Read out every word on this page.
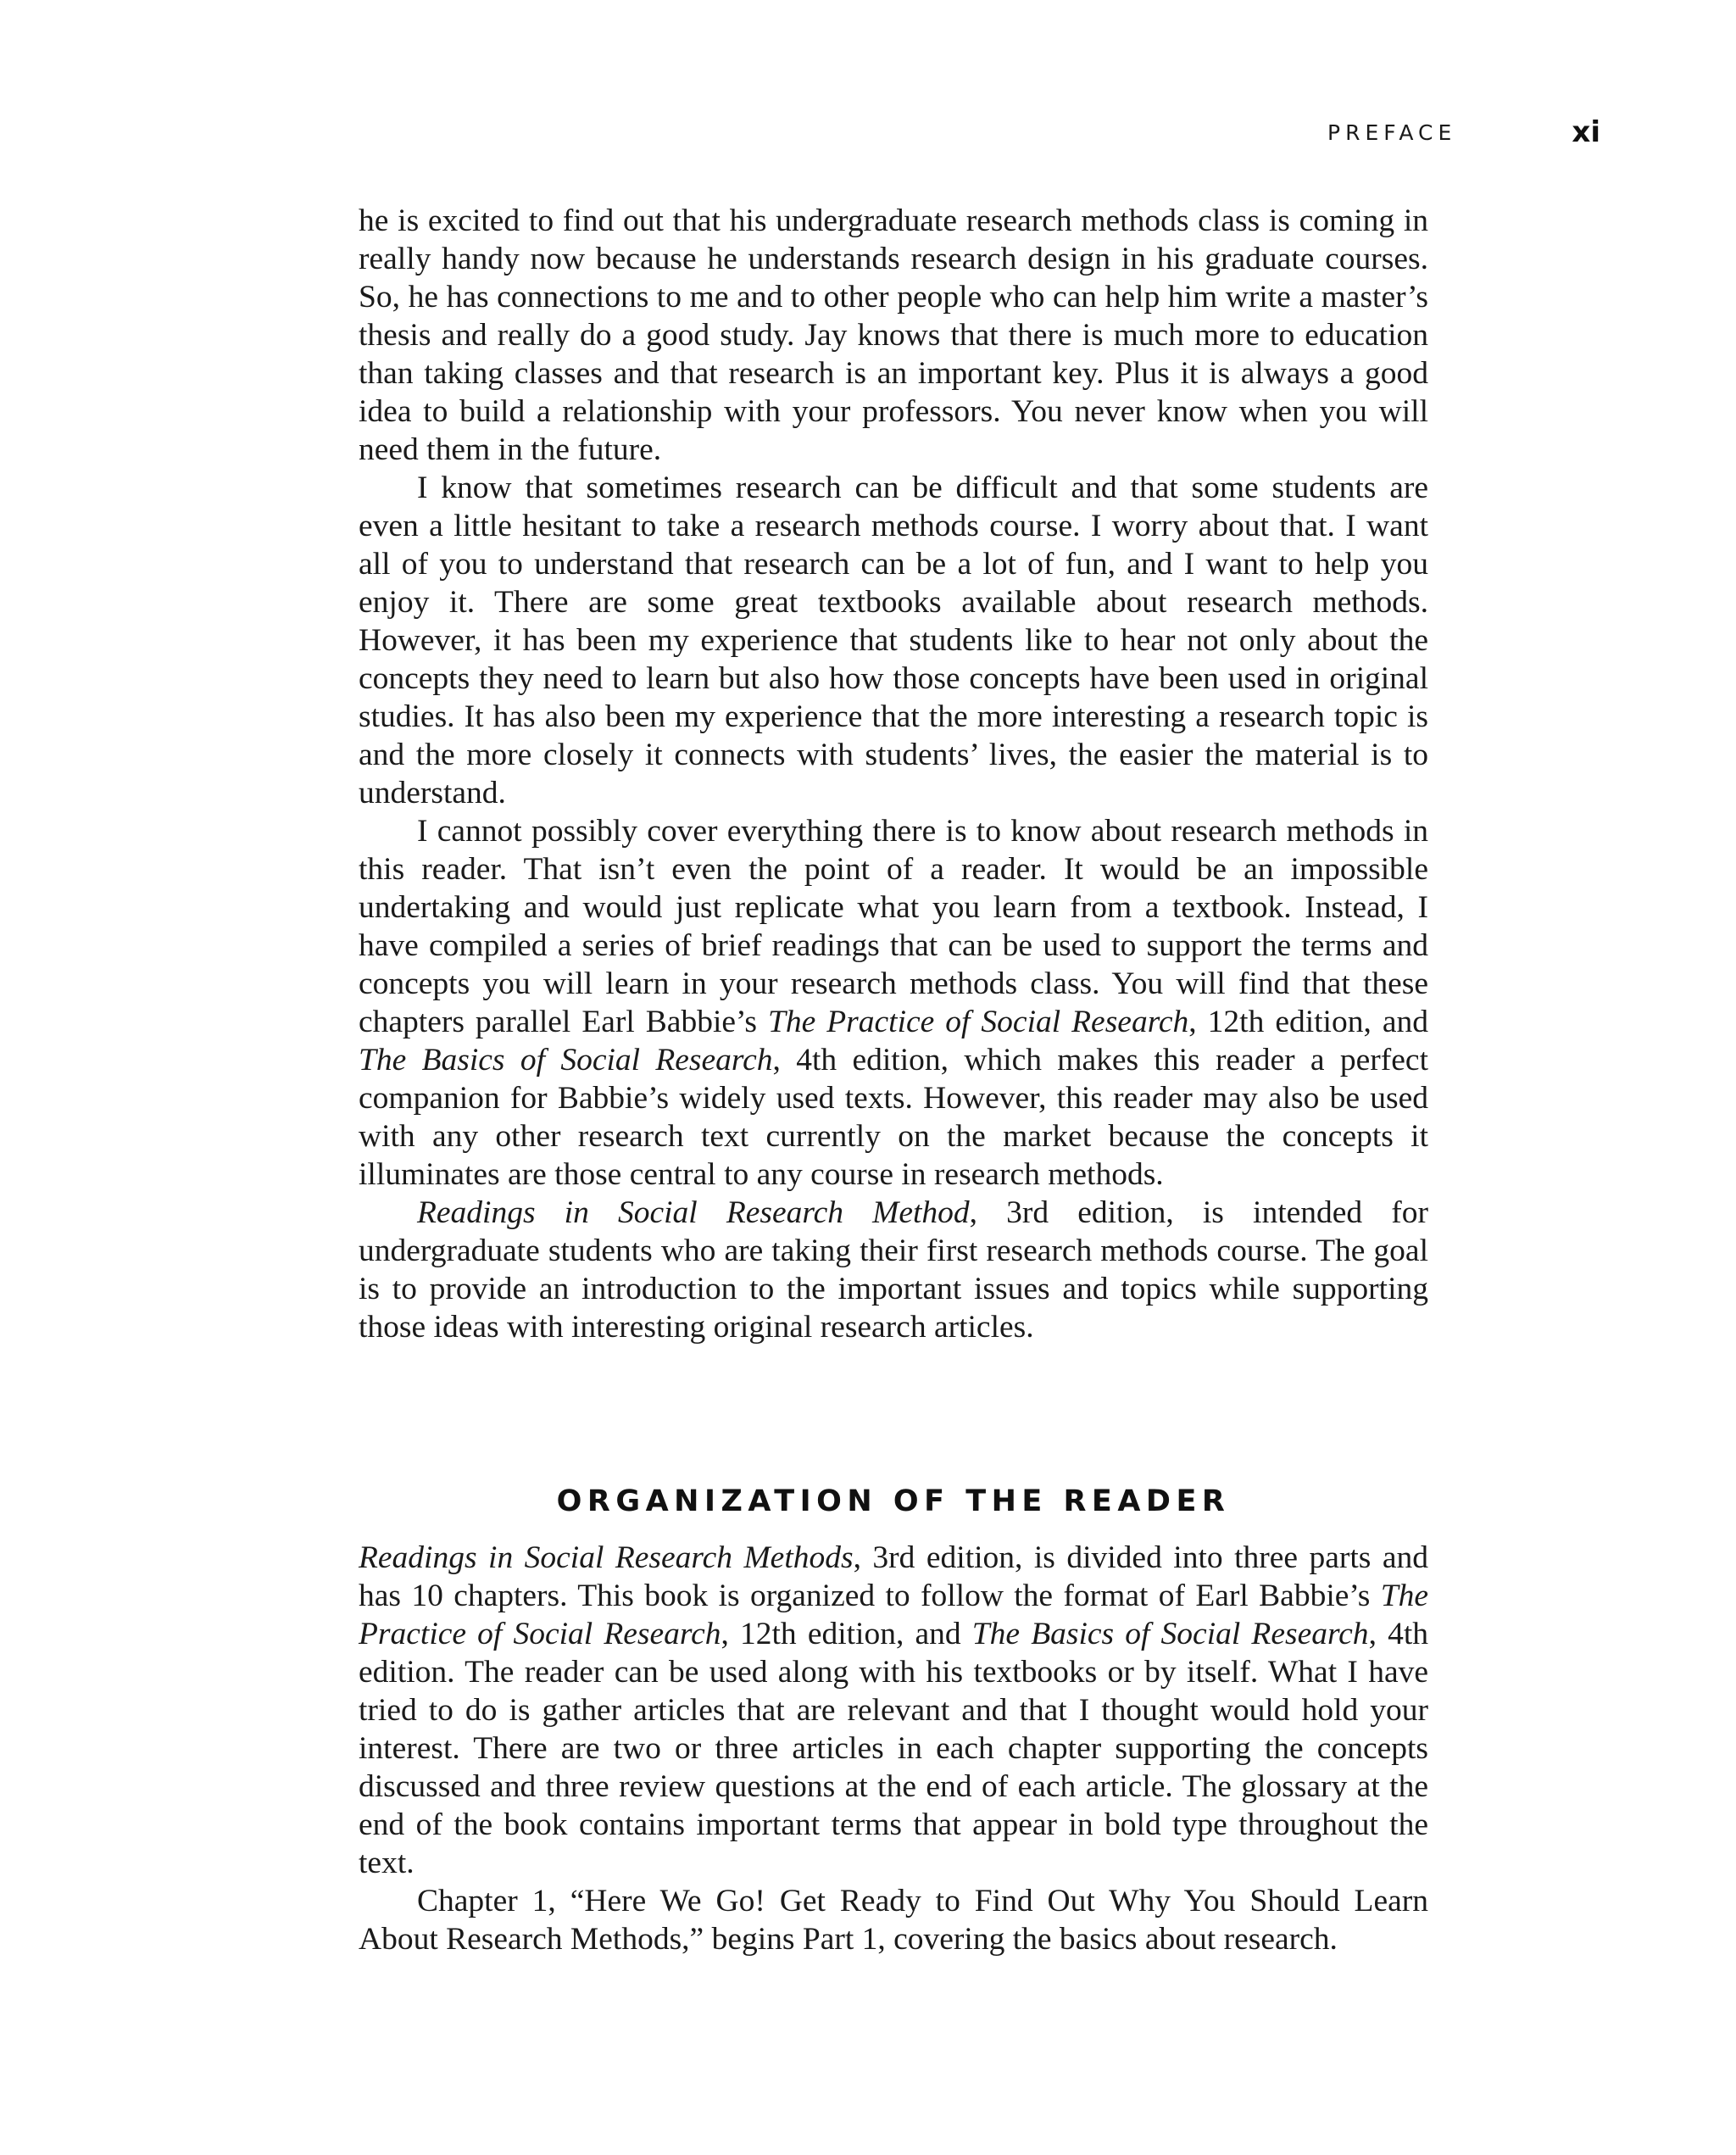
PREFACE	xi

he is excited to find out that his undergraduate research methods class is coming in really handy now because he understands research design in his graduate courses. So, he has connections to me and to other people who can help him write a master’s thesis and really do a good study. Jay knows that there is much more to education than taking classes and that research is an important key. Plus it is always a good idea to build a relationship with your professors. You never know when you will need them in the future.

I know that sometimes research can be difficult and that some students are even a little hesitant to take a research methods course. I worry about that. I want all of you to understand that research can be a lot of fun, and I want to help you enjoy it. There are some great textbooks available about research methods. However, it has been my experience that students like to hear not only about the concepts they need to learn but also how those concepts have been used in original studies. It has also been my experience that the more interesting a research topic is and the more closely it connects with students’ lives, the easier the material is to understand.

I cannot possibly cover everything there is to know about research methods in this reader. That isn’t even the point of a reader. It would be an impossible undertaking and would just replicate what you learn from a textbook. Instead, I have compiled a series of brief readings that can be used to support the terms and concepts you will learn in your research methods class. You will find that these chapters parallel Earl Babbie’s The Practice of Social Research, 12th edition, and The Basics of Social Research, 4th edition, which makes this reader a perfect companion for Babbie’s widely used texts. However, this reader may also be used with any other research text currently on the market because the concepts it illuminates are those central to any course in research methods.

Readings in Social Research Method, 3rd edition, is intended for undergraduate students who are taking their first research methods course. The goal is to provide an introduction to the important issues and topics while supporting those ideas with interesting original research articles.

ORGANIZATION OF THE READER

Readings in Social Research Methods, 3rd edition, is divided into three parts and has 10 chapters. This book is organized to follow the format of Earl Babbie’s The Practice of Social Research, 12th edition, and The Basics of Social Research, 4th edition. The reader can be used along with his textbooks or by itself. What I have tried to do is gather articles that are relevant and that I thought would hold your interest. There are two or three articles in each chapter supporting the concepts discussed and three review questions at the end of each article. The glossary at the end of the book contains important terms that appear in bold type throughout the text.

Chapter 1, “Here We Go! Get Ready to Find Out Why You Should Learn About Research Methods,” begins Part 1, covering the basics about research.
